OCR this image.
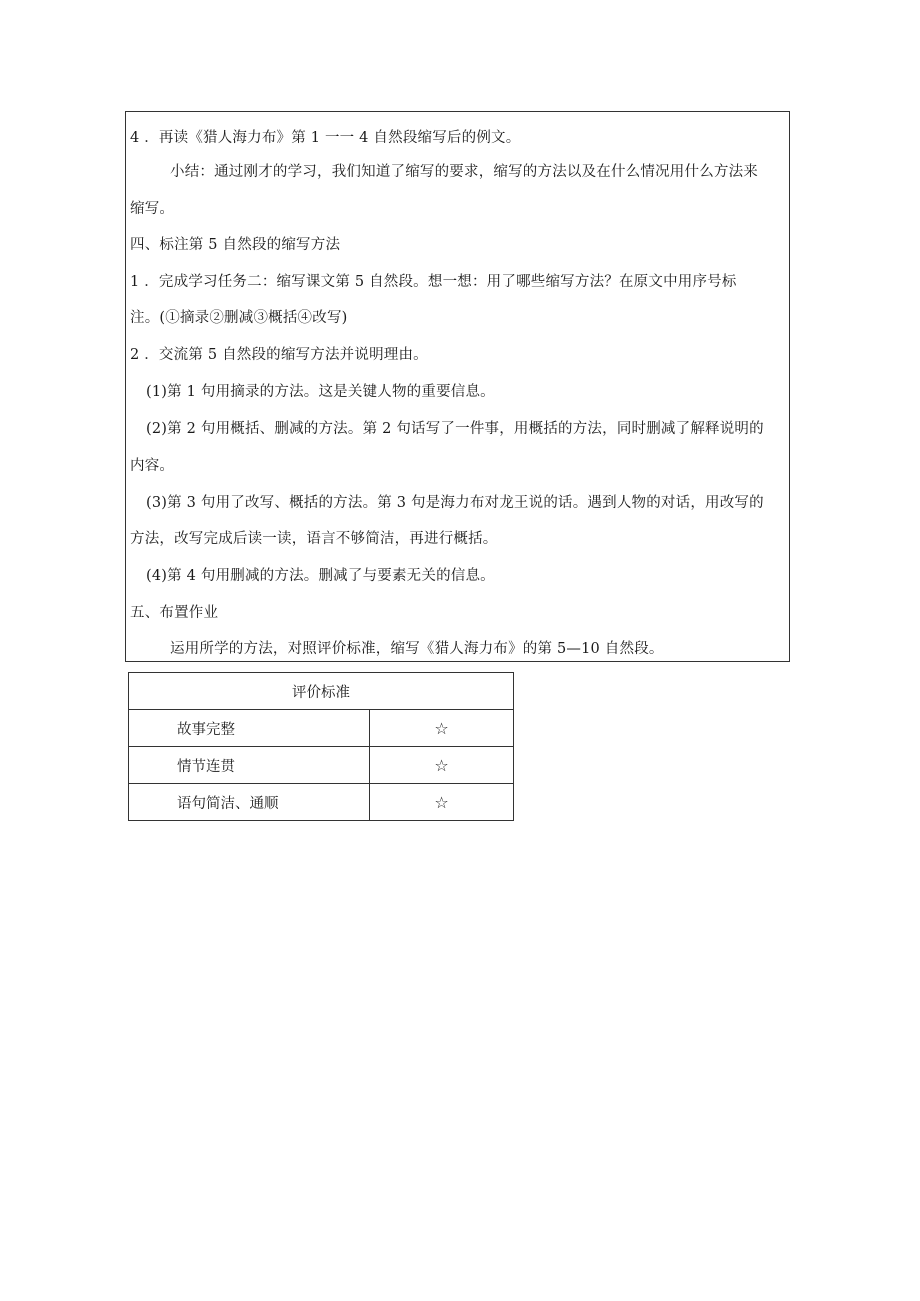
4 ．再读《猎人海力布》第 1 一一 4 自然段缩写后的例文。
小结：通过刚才的学习，我们知道了缩写的要求，缩写的方法以及在什么情况用什么方法来
缩写。
四、标注第 5 自然段的缩写方法
1 ．完成学习任务二：缩写课文第 5 自然段。想一想：用了哪些缩写方法？在原文中用序号标
注。(①摘录②删减③概括④改写)
2 ．交流第 5 自然段的缩写方法并说明理由。
(1)第 1 句用摘录的方法。这是关键人物的重要信息。
(2)第 2 句用概括、删减的方法。第 2 句话写了一件事，用概括的方法，同时删减了解释说明的
内容。
(3)第 3 句用了改写、概括的方法。第 3 句是海力布对龙王说的话。遇到人物的对话，用改写的
方法，改写完成后读一读，语言不够简洁，再进行概括。
(4)第 4 句用删减的方法。删减了与要素无关的信息。
五、布置作业
运用所学的方法，对照评价标准，缩写《猎人海力布》的第 5—10 自然段。
评价标准	
故事完整	☆
情节连贯	☆
语句简洁、通顺	☆
